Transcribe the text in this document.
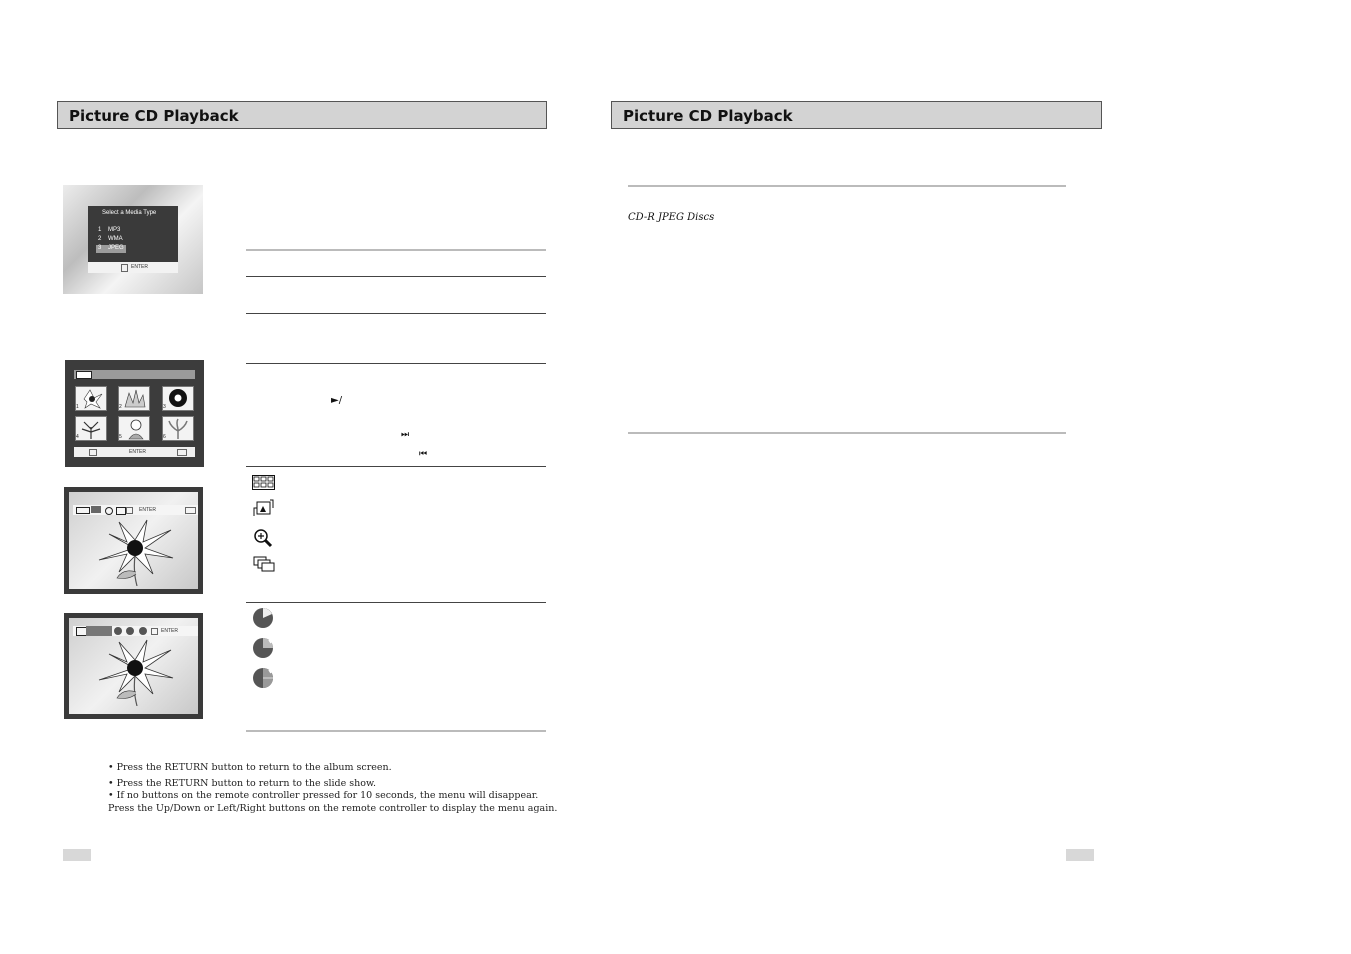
Picture CD Playback
Select a Media Type
1 MP3
2 WMA
3 JPEG
ENTER
►/
⏭
⏮
1	2	3
4	5	6
ENTER
ENTER
ENTER
• Press the RETURN button to return to the album screen.
• Press the RETURN button to return to the slide show.
• If no buttons on the remote controller pressed for 10 seconds, the menu will disappear.
Press the Up/Down or Left/Right buttons on the remote controller to display the menu again.
Picture CD Playback
CD-R JPEG Discs
